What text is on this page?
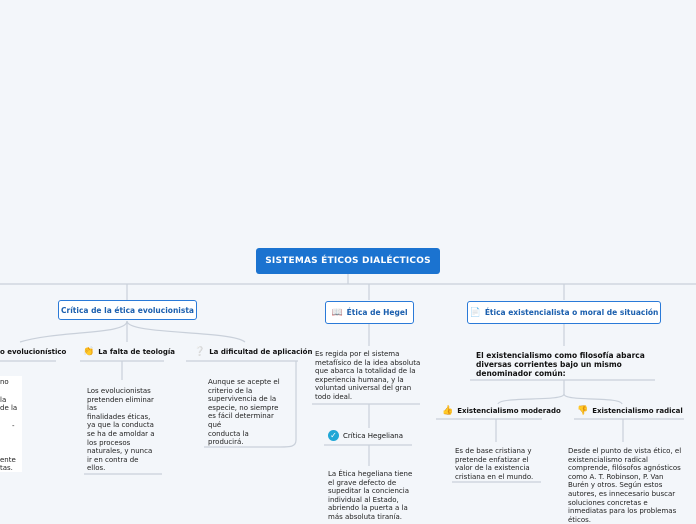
SISTEMAS ÉTICOS DIALÉCTICOS
Crítica de la ética evolucionista	📖 Ética de Hegel	📄 Ética existencialista o moral de situación
o evolucionístico
no
la
de la
-
ente
tas.
👏 La falta de teología
Los evolucionistas
pretenden eliminar
las
finalidades éticas,
ya que la conducta
se ha de amoldar a
los procesos
naturales, y nunca
ir en contra de
ellos.
❔ La dificultad de aplicación
Aunque se acepte el
criterio de la
supervivencia de la
especie, no siempre
es fácil determinar
qué
conducta la
producirá.
Es regida por el sistema
metafísico de la idea absoluta
que abarca la totalidad de la
experiencia humana, y la
voluntad universal del gran
todo ideal.
✓ Crítica Hegeliana
La Ética hegeliana tiene
el grave defecto de
supeditar la conciencia
individual al Estado,
abriendo la puerta a la
más absoluta tiranía.
El existencialismo como filosofía abarca
diversas corrientes bajo un mismo
denominador común:
👍 Existencialismo moderado
Es de base cristiana y
pretende enfatizar el
valor de la existencia
cristiana en el mundo.
👎 Existencialismo radical
Desde el punto de vista ético, el
existencialismo radical
comprende, filósofos agnósticos
como A. T. Robinson, P. Van
Burén y otros. Según estos
autores, es innecesario buscar
soluciones concretas e
inmediatas para los problemas
éticos.
